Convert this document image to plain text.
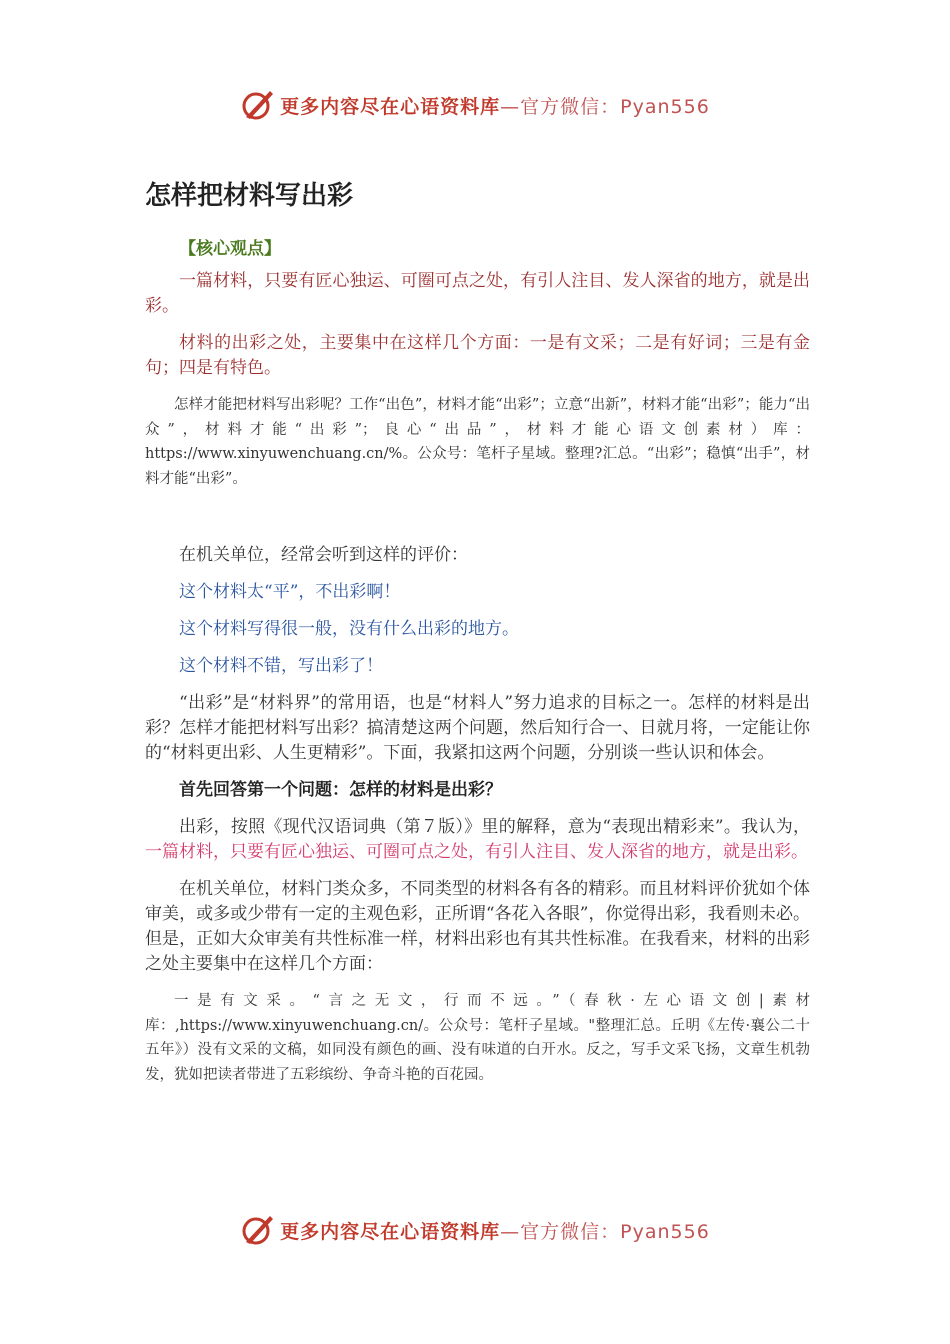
更多内容尽在心语资料库 —官方微信：Pyan556
怎样把材料写出彩

【核心观点】

一篇材料，只要有匠心独运、可圈可点之处，有引人注目、发人深省的地方，就是出彩。

材料的出彩之处，主要集中在这样几个方面：一是有文采；二是有好词；三是有金句；四是有特色。

怎样才能把材料写出彩呢？工作“出色”，材料才能“出彩”；立意“出新”，材料才能“出彩”；能力“出众”，材料才能“出彩”；良心“出品”，材料才能心语文创素材）库：https://www.xinyuwenchuang.cn/%。公众号：笔杆子星域。整理?汇总。“出彩”；稳慎“出手”，材料才能“出彩”。

在机关单位，经常会听到这样的评价：

这个材料太“平”，不出彩啊！

这个材料写得很一般，没有什么出彩的地方。

这个材料不错，写出彩了！

“出彩”是“材料界”的常用语，也是“材料人”努力追求的目标之一。怎样的材料是出彩？怎样才能把材料写出彩？搞清楚这两个问题，然后知行合一、日就月将，一定能让你的“材料更出彩、人生更精彩”。下面，我紧扣这两个问题，分别谈一些认识和体会。

首先回答第一个问题：怎样的材料是出彩？

出彩，按照《现代汉语词典（第７版）》里的解释，意为“表现出精彩来”。我认为，一篇材料，只要有匠心独运、可圈可点之处，有引人注目、发人深省的地方，就是出彩。

在机关单位，材料门类众多，不同类型的材料各有各的精彩。而且材料评价犹如个体审美，或多或少带有一定的主观色彩，正所谓“各花入各眼”，你觉得出彩，我看则未必。但是，正如大众审美有共性标准一样，材料出彩也有其共性标准。在我看来，材料的出彩之处主要集中在这样几个方面：

一是有文采。“言之无文，行而不远。”（春秋·左心语文创|素材库：,https://www.xinyuwenchuang.cn/。公众号：笔杆子星域。"整理汇总。丘明《左传·襄公二十五年》）没有文采的文稿，如同没有颜色的画、没有味道的白开水。反之，写手文采飞扬，文章生机勃发，犹如把读者带进了五彩缤纷、争奇斗艳的百花园。

更多内容尽在心语资料库 —官方微信：Pyan556
